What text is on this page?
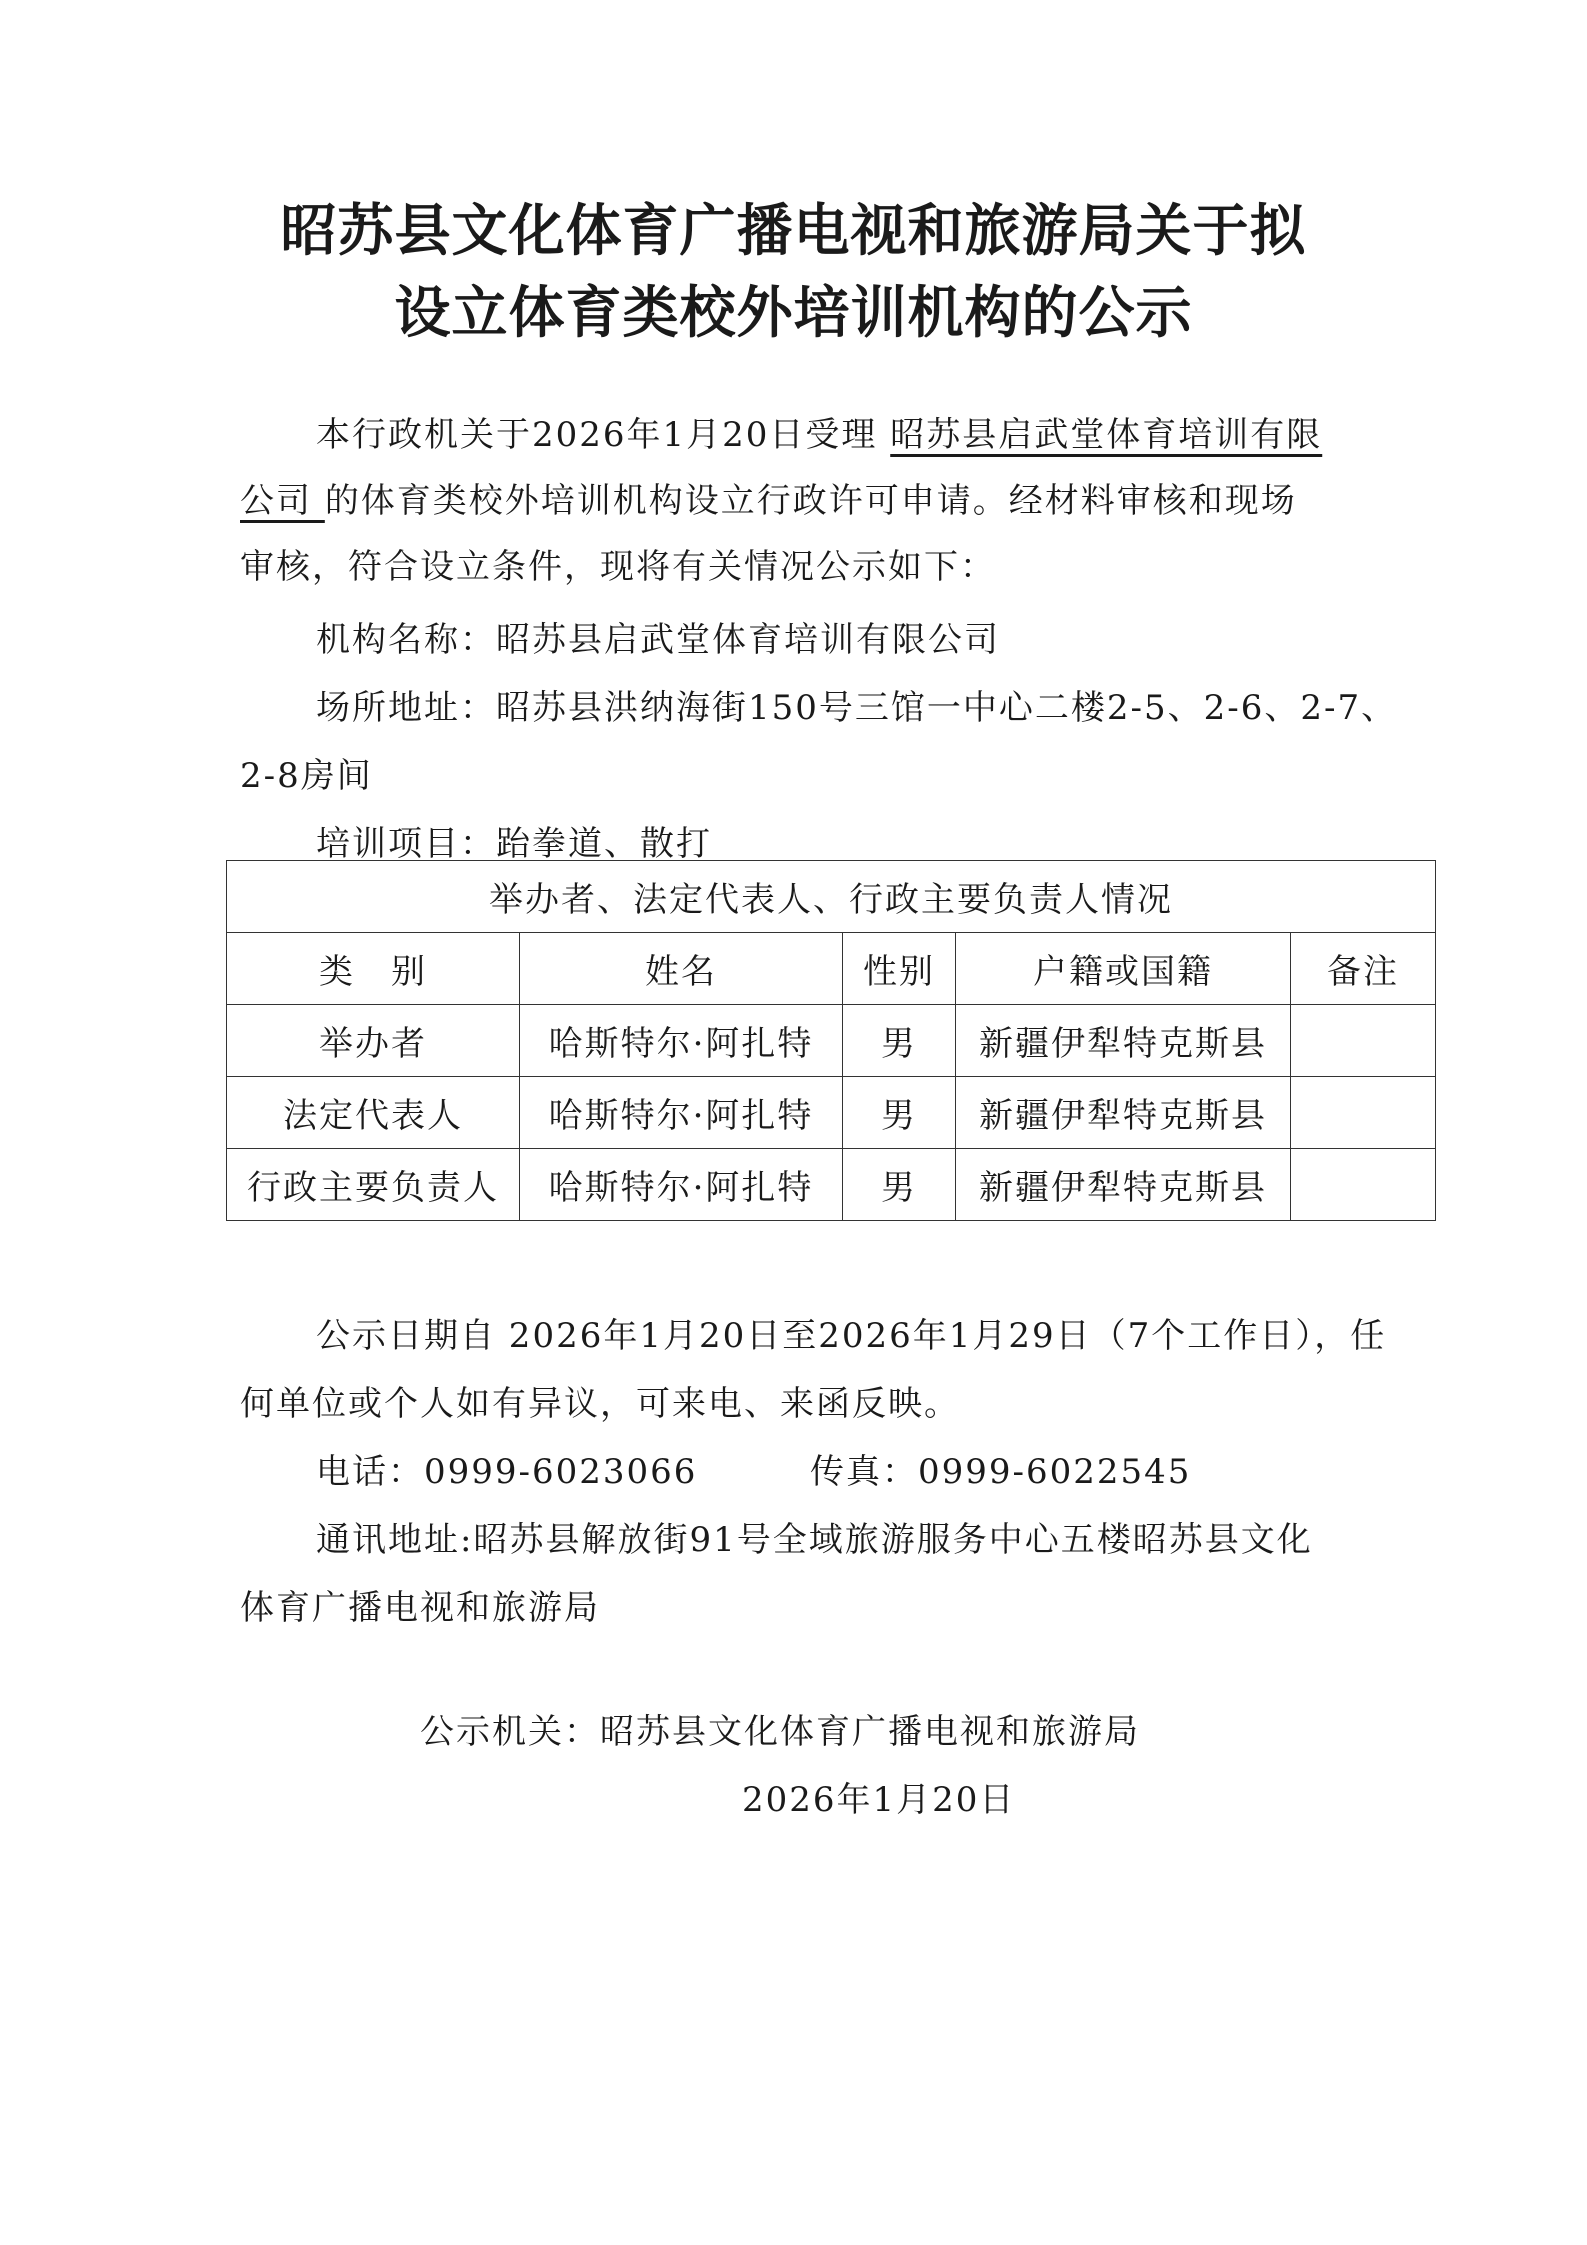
昭苏县文化体育广播电视和旅游局关于拟
设立体育类校外培训机构的公示
本行政机关于2026年1月20日受理 昭苏县启武堂体育培训有限
公司 的体育类校外培训机构设立行政许可申请。经材料审核和现场
审核，符合设立条件，现将有关情况公示如下：
机构名称：昭苏县启武堂体育培训有限公司
场所地址：昭苏县洪纳海街150号三馆一中心二楼2-5、2-6、2-7、
2-8房间
培训项目：跆拳道、散打
举办者、法定代表人、行政主要负责人情况				
类　别	姓名	性别	户籍或国籍	备注
举办者	哈斯特尔·阿扎特	男	新疆伊犁特克斯县	
法定代表人	哈斯特尔·阿扎特	男	新疆伊犁特克斯县	
行政主要负责人	哈斯特尔·阿扎特	男	新疆伊犁特克斯县	
公示日期自 2026年1月20日至2026年1月29日（7个工作日），任
何单位或个人如有异议，可来电、来函反映。
电话：0999-6023066	传真：0999-6022545
通讯地址:昭苏县解放街91号全域旅游服务中心五楼昭苏县文化
体育广播电视和旅游局
公示机关：昭苏县文化体育广播电视和旅游局
2026年1月20日
